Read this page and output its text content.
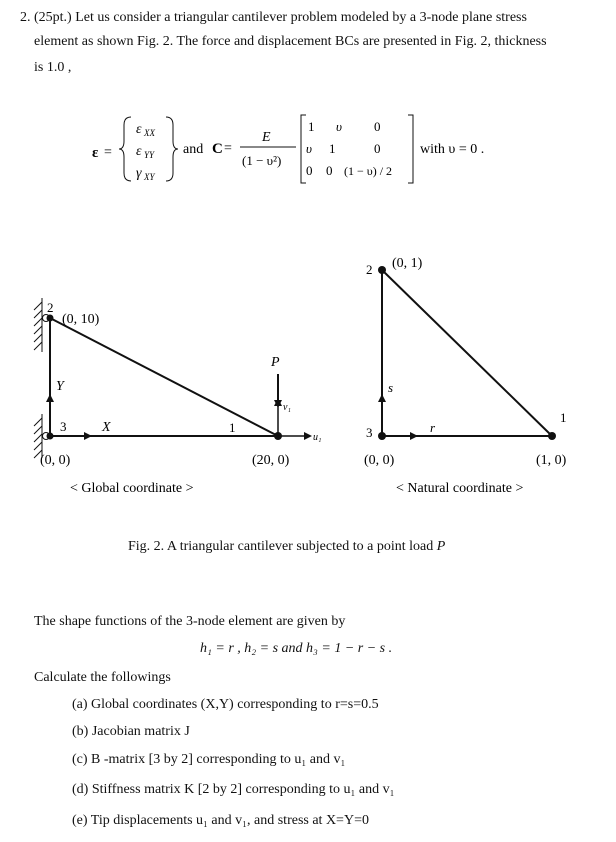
2. (25pt.) Let us consider a triangular cantilever problem modeled by a 3-node plane stress
element as shown Fig. 2. The force and displacement BCs are presented in Fig. 2, thickness
is 1.0 ,
ε =
ε XX
ε YY
γ XY
and C =
E
(1 − υ²)
1 υ 0
υ 1	0
0 0 (1 − υ) / 2
with υ = 0 .
2
(0, 10)
Y
3	X
(0, 0)
1
(20, 0)
P
v₁
u₁
< Global coordinate >
2 (0, 1)
s
3	r
(0, 0)
1
(1, 0)
< Natural coordinate >
Fig. 2. A triangular cantilever subjected to a point load P
The shape functions of the 3-node element are given by
h₁ = r , h₂ = s and h₃ = 1 − r − s .
Calculate the followings
(a) Global coordinates (X,Y) corresponding to r=s=0.5
(b) Jacobian matrix J
(c) B -matrix [3 by 2] corresponding to u₁ and v₁
(d) Stiffness matrix K [2 by 2] corresponding to u₁ and v₁
(e) Tip displacements u₁ and v₁, and stress at X=Y=0
